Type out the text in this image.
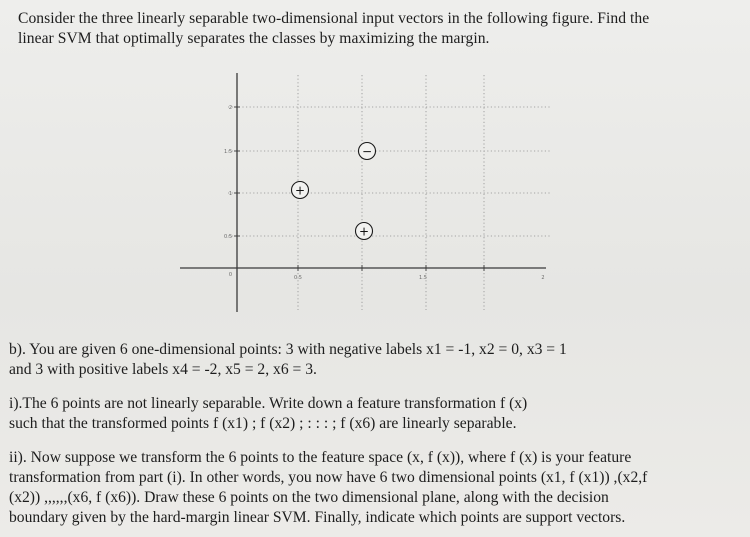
Consider the three linearly separable two-dimensional input vectors in the following figure. Find the
linear SVM that optimally separates the classes by maximizing the margin.

2
1.5
1
0.5
0	0.5	1.5	2
+
−
+

b). You are given 6 one-dimensional points: 3 with negative labels x1 = -1, x2 = 0, x3 = 1
and 3 with positive labels x4 = -2, x5 = 2, x6 = 3.

i).The 6 points are not linearly separable. Write down a feature transformation f (x)
such that the transformed points f (x1) ; f (x2) ; : : : ; f (x6) are linearly separable.

ii). Now suppose we transform the 6 points to the feature space (x, f (x)), where f (x) is your feature
transformation from part (i). In other words, you now have 6 two dimensional points (x1, f (x1)) ,(x2,f
(x2)) ,,,,,,(x6, f (x6)). Draw these 6 points on the two dimensional plane, along with the decision
boundary given by the hard-margin linear SVM. Finally, indicate which points are support vectors.
